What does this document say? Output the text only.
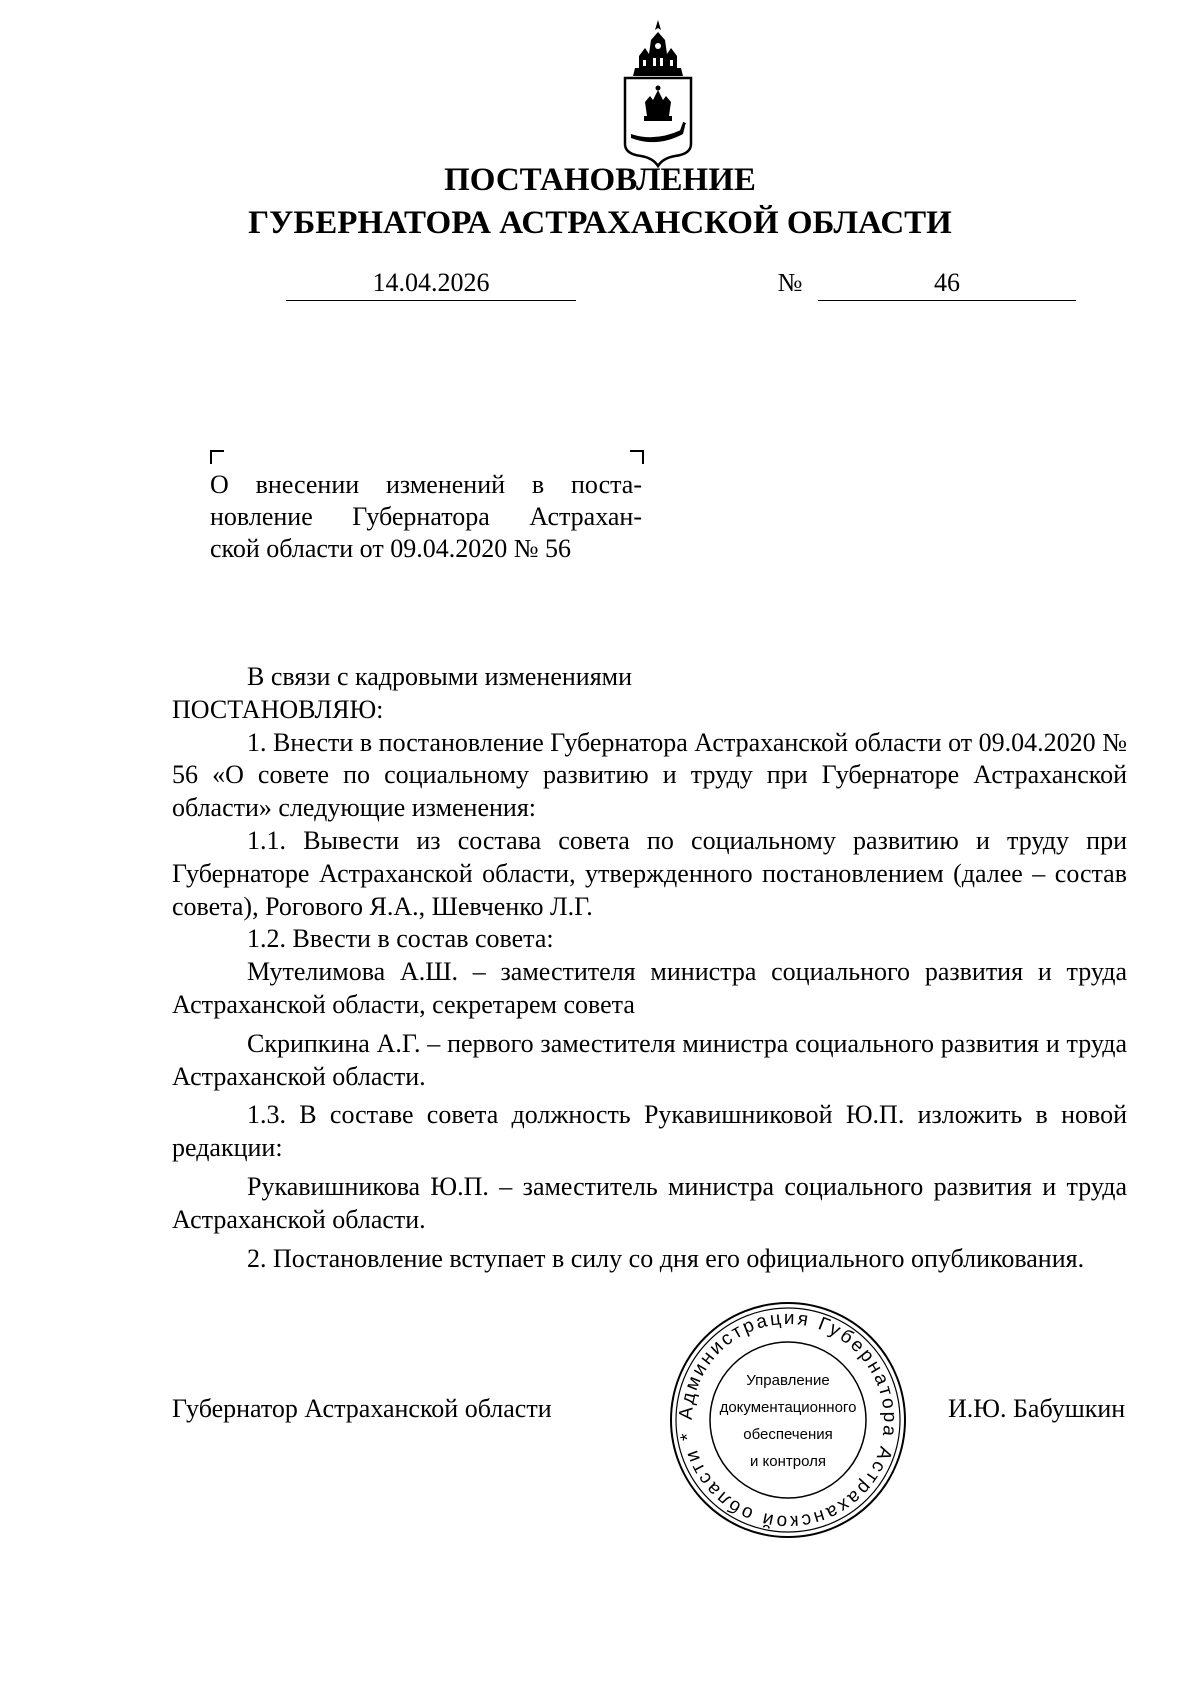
ПОСТАНОВЛЕНИЕ
ГУБЕРНАТОРА АСТРАХАНСКОЙ ОБЛАСТИ
14.04.2026	№	46

О внесении изменений в поста-

новление Губернатора Астрахан-

ской области от 09.04.2020 № 56

В связи с кадровыми изменениями

ПОСТАНОВЛЯЮ:

1. Внести в постановление Губернатора Астраханской области от 09.04.2020 № 56 «О совете по социальному развитию и труду при Губернаторе Астраханской области» следующие изменения:

1.1. Вывести из состава совета по социальному развитию и труду при Губернаторе Астраханской области, утвержденного постановлением (далее – состав совета), Рогового Я.А., Шевченко Л.Г.

1.2. Ввести в состав совета:

Мутелимова А.Ш. – заместителя министра социального развития и труда Астраханской области, секретарем совета

Скрипкина А.Г. – первого заместителя министра социального развития и труда Астраханской области.

1.3. В составе совета должность Рукавишниковой Ю.П. изложить в новой редакции:

Рукавишникова Ю.П. – заместитель министра социального развития и труда Астраханской области.

2. Постановление вступает в силу со дня его официального опубликования.

Губернатор Астраханской области	И.Ю. Бабушкин
Администрация Губернатора Астраханской области *
Управление
документационного
обеспечения
и контроля
